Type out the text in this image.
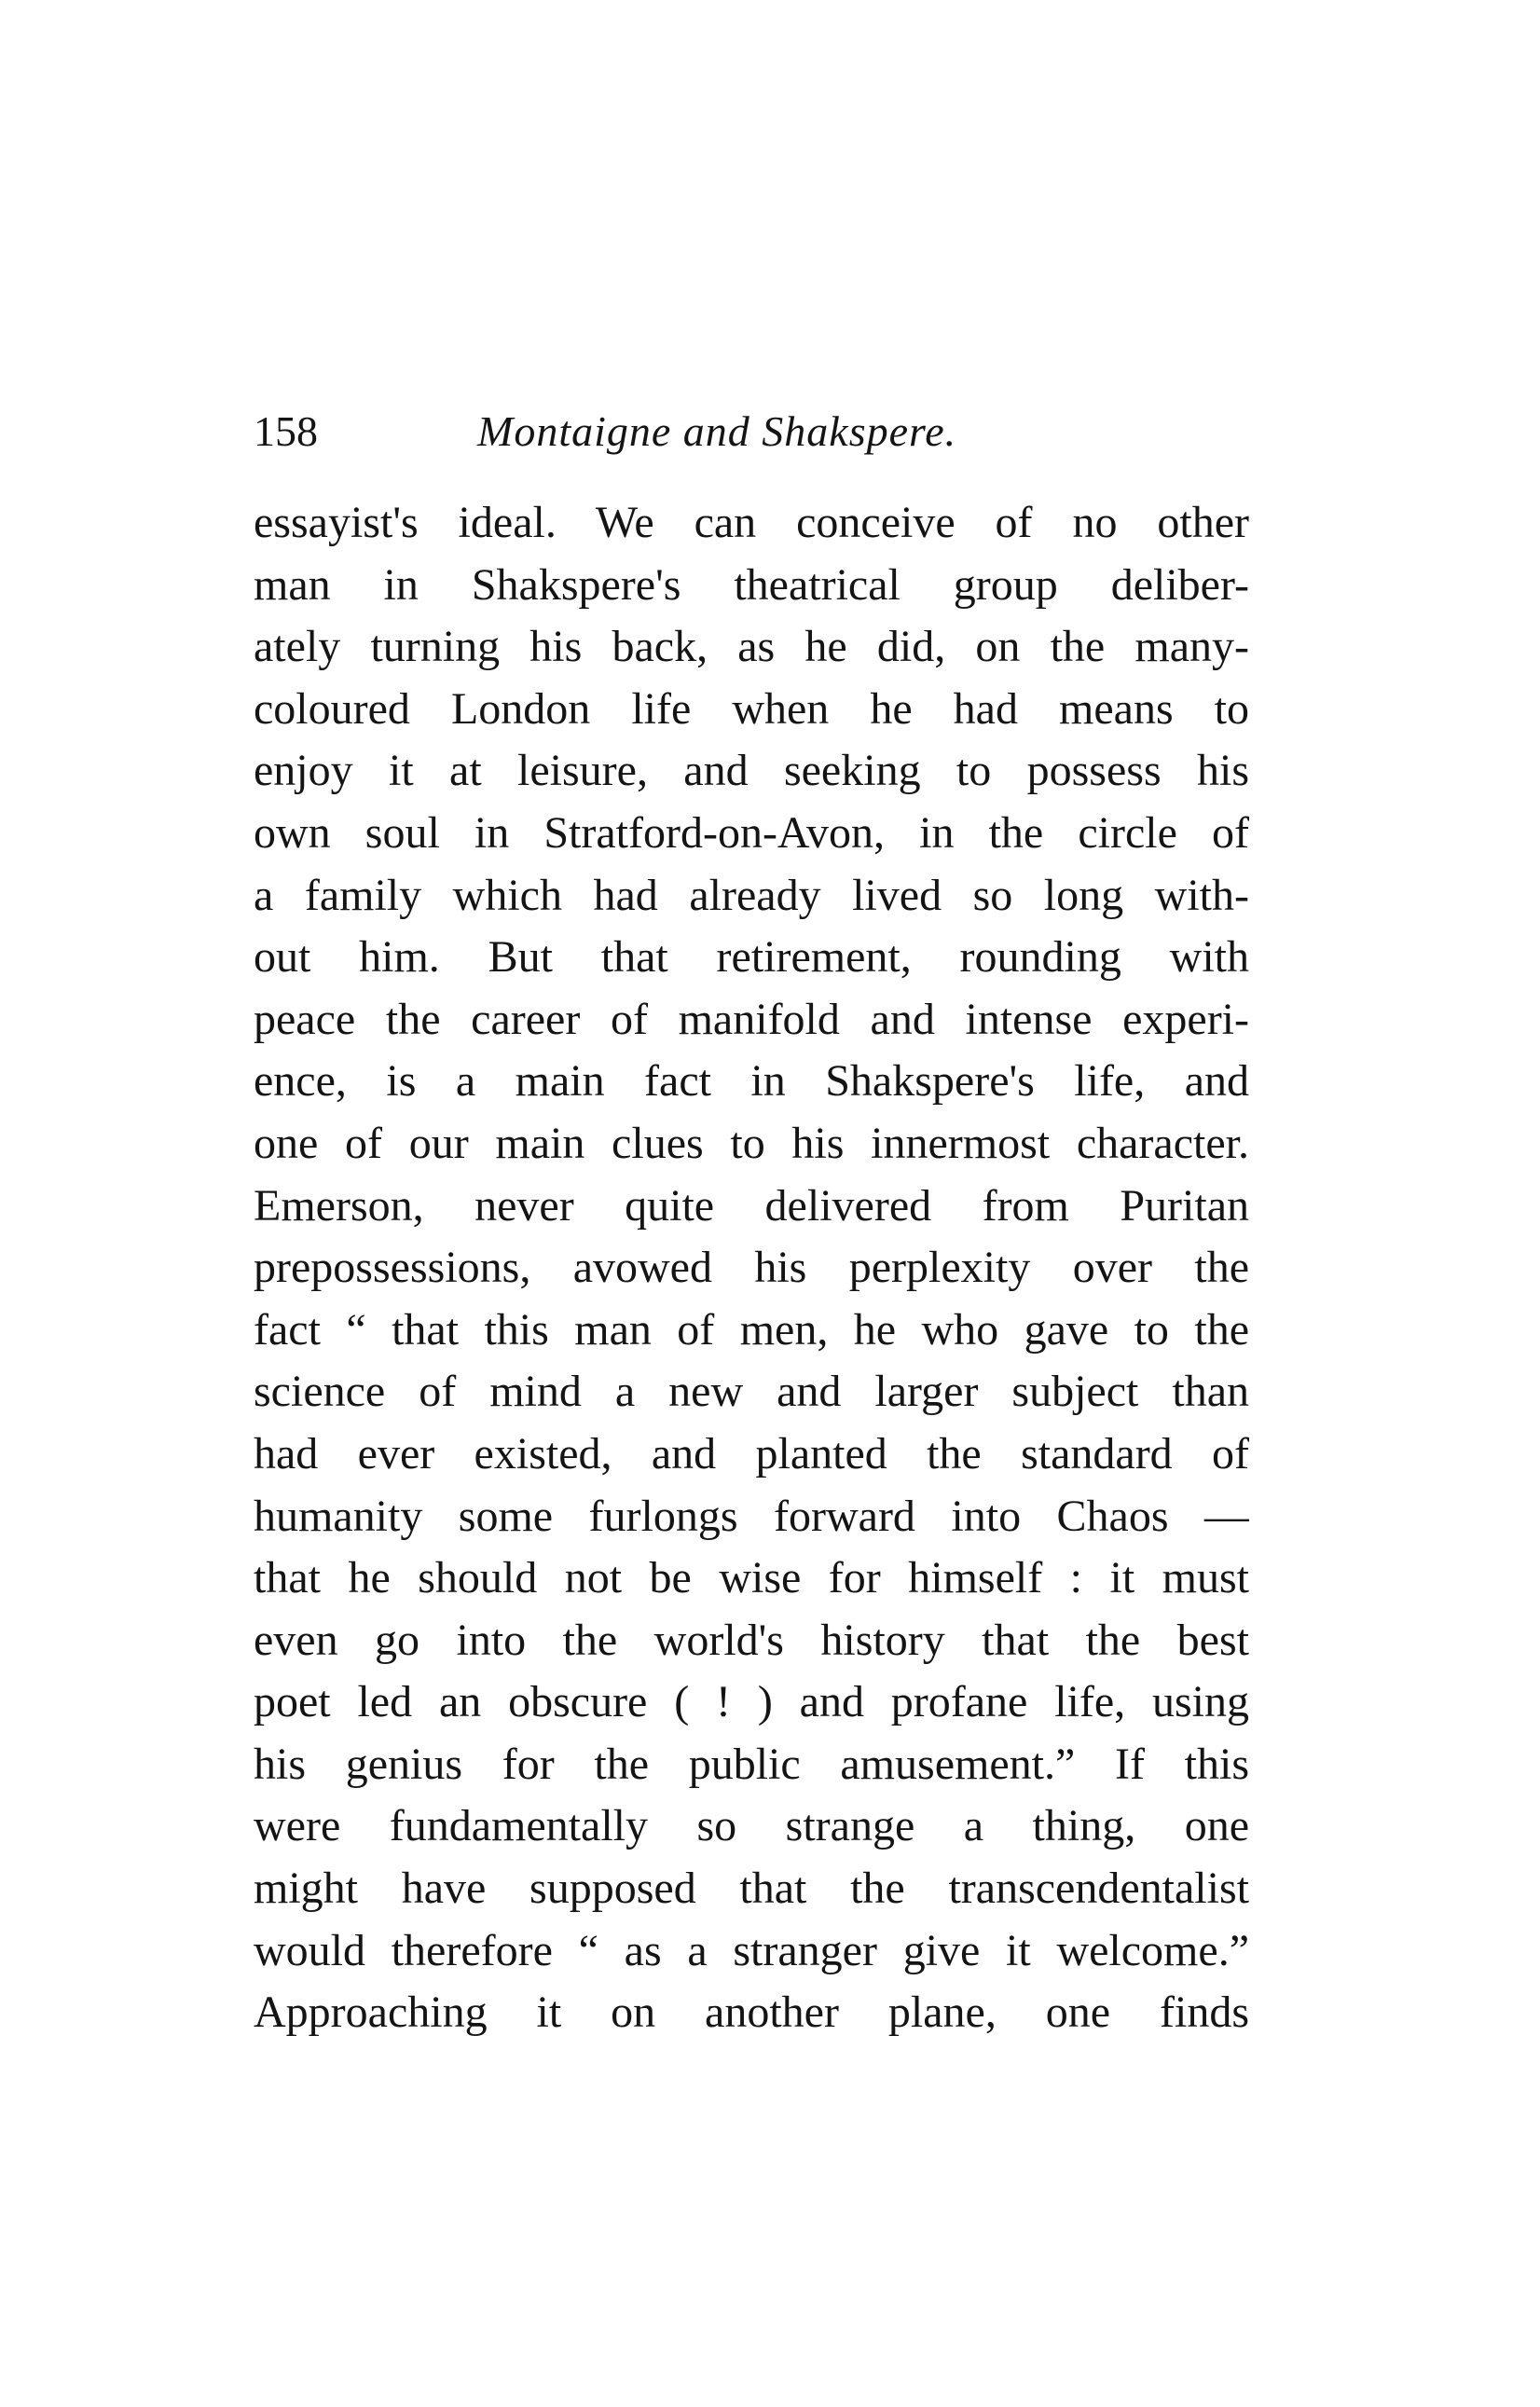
158	Montaigne and Shakspere.
essayist's ideal. We can conceive of no other
man in Shakspere's theatrical group deliber-
ately turning his back, as he did, on the many-
coloured London life when he had means to
enjoy it at leisure, and seeking to possess his
own soul in Stratford-on-Avon, in the circle of
a family which had already lived so long with-
out him. But that retirement, rounding with
peace the career of manifold and intense experi-
ence, is a main fact in Shakspere's life, and
one of our main clues to his innermost character.
Emerson, never quite delivered from Puritan
prepossessions, avowed his perplexity over the
fact “ that this man of men, he who gave to the
science of mind a new and larger subject than
had ever existed, and planted the standard of
humanity some furlongs forward into Chaos —
that he should not be wise for himself : it must
even go into the world's history that the best
poet led an obscure ( ! ) and profane life, using
his genius for the public amusement.” If this
were fundamentally so strange a thing, one
might have supposed that the transcendentalist
would therefore “ as a stranger give it welcome.”
Approaching it on another plane, one finds
